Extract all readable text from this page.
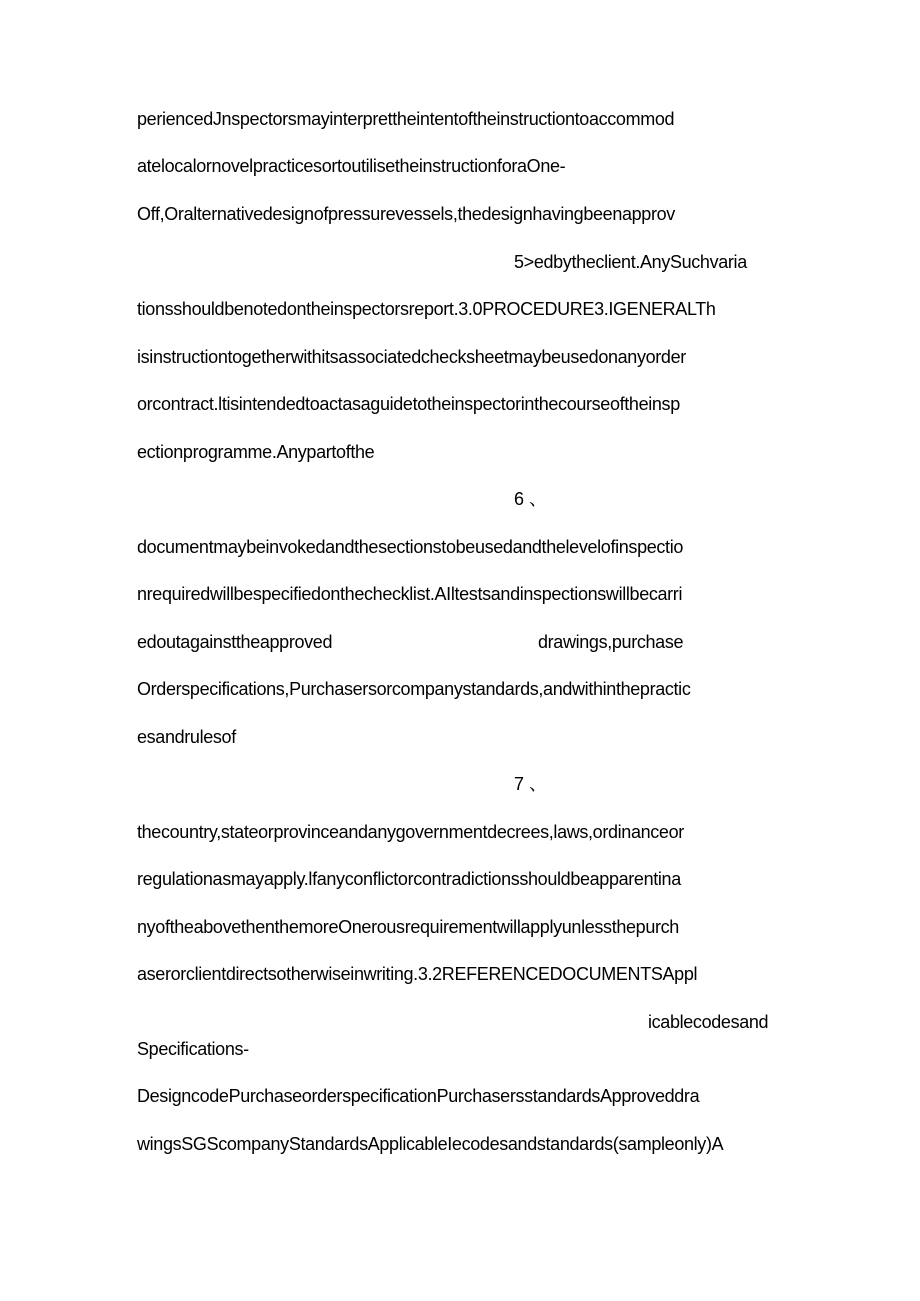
periencedJnspectorsmayinterprettheintentoftheinstructiontoaccommod
atelocalornovelpracticesortoutilisetheinstructionforaOne-
Off,Oralternativedesignofpressurevessels,thedesignhavingbeenapprov
5>edbytheclient.AnySuchvaria
tionsshouldbenotedontheinspectorsreport.3.0PROCEDURE3.IGENERALTh
isinstructiontogetherwithitsassociatedchecksheetmaybeusedonanyorder
orcontract.ltisintendedtoactasaguidetotheinspectorinthecourseoftheinsp
ectionprogramme.Anypartofthe
6 、
documentmaybeinvokedandthesectionstobeusedandthelevelofinspectio
nrequiredwillbespecifiedonthechecklist.AIltestsandinspectionswillbecarri
edoutagainsttheapproved	drawings,purchase
Orderspecifications,Purchasersorcompanystandards,andwithinthepractic
esandrulesof
7 、
thecountry,stateorprovinceandanygovernmentdecrees,laws,ordinanceor
regulationasmayapply.lfanyconflictorcontradictionsshouldbeapparentina
nyoftheabovethenthemoreOnerousrequirementwillapplyunlessthepurch
aserorclientdirectsotherwiseinwriting.3.2REFERENCEDOCUMENTSAppl
icablecodesand
Specifications-
DesigncodePurchaseorderspecificationPurchasersstandardsApproveddra
wingsSGScompanyStandardsApplicableIecodesandstandards(sampleonly)A
